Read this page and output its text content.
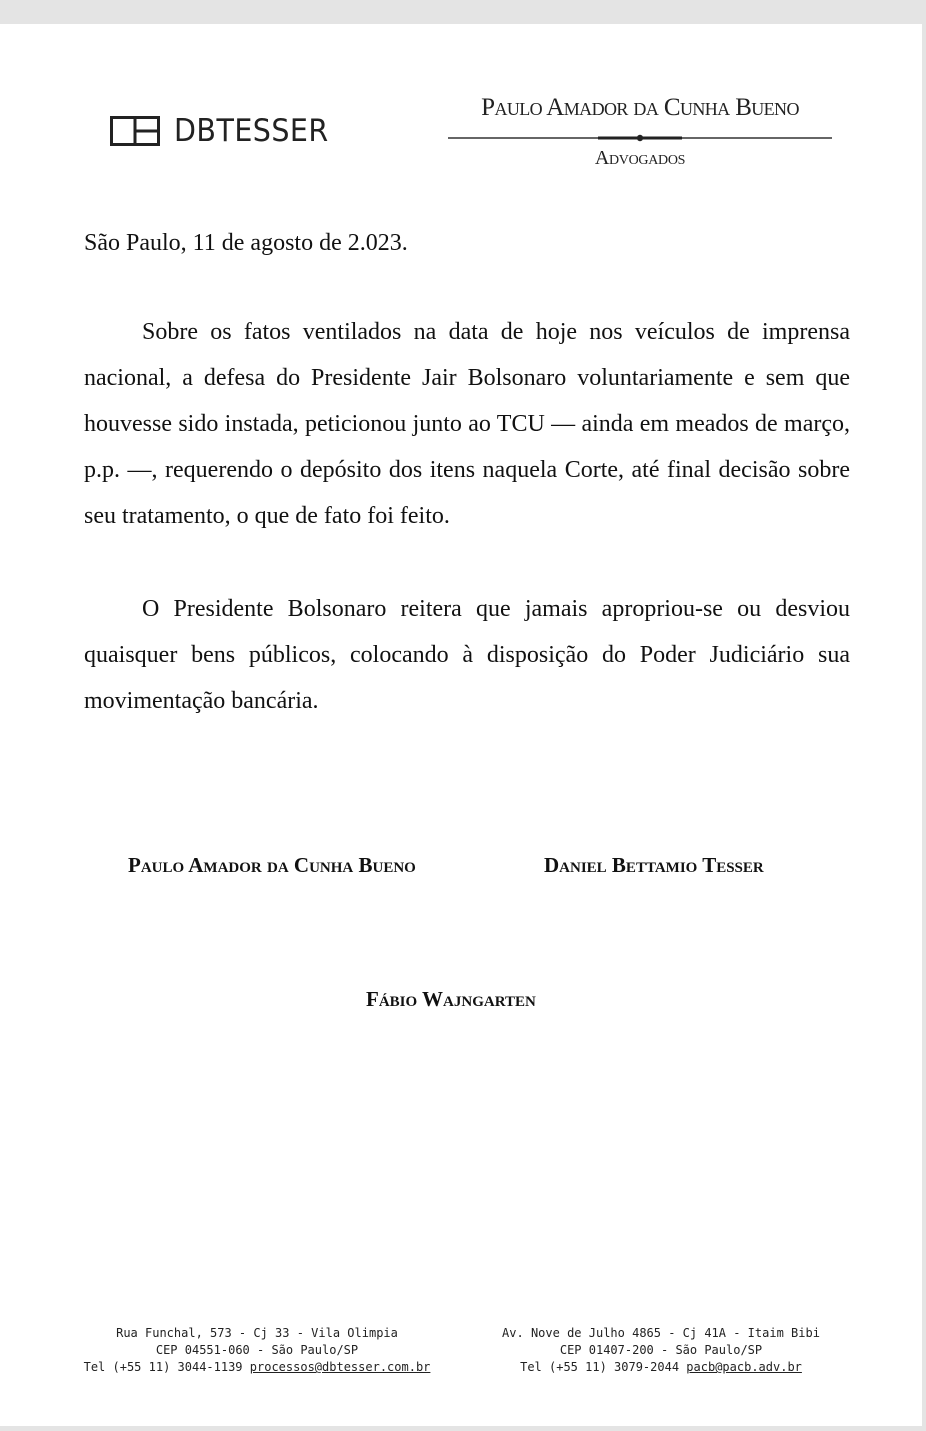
DBTESSER
Paulo Amador da Cunha Bueno
Advogados
São Paulo, 11 de agosto de 2.023.

Sobre os fatos ventilados na data de hoje nos veículos de imprensa nacional, a defesa do Presidente Jair Bolsonaro voluntariamente e sem que houvesse sido instada, peticionou junto ao TCU — ainda em meados de março, p.p. —, requerendo o depósito dos itens naquela Corte, até final decisão sobre seu tratamento, o que de fato foi feito.

O Presidente Bolsonaro reitera que jamais apropriou-se ou desviou quaisquer bens públicos, colocando à disposição do Poder Judiciário sua movimentação bancária.

Paulo Amador da Cunha Bueno	Daniel Bettamio Tesser
Fábio Wajngarten
Rua Funchal, 573 - Cj 33 - Vila Olimpia
CEP 04551-060 - São Paulo/SP
Tel (+55 11) 3044-1139 processos@dbtesser.com.br
Av. Nove de Julho 4865 - Cj 41A - Itaim Bibi
CEP 01407-200 - São Paulo/SP
Tel (+55 11) 3079-2044 pacb@pacb.adv.br
